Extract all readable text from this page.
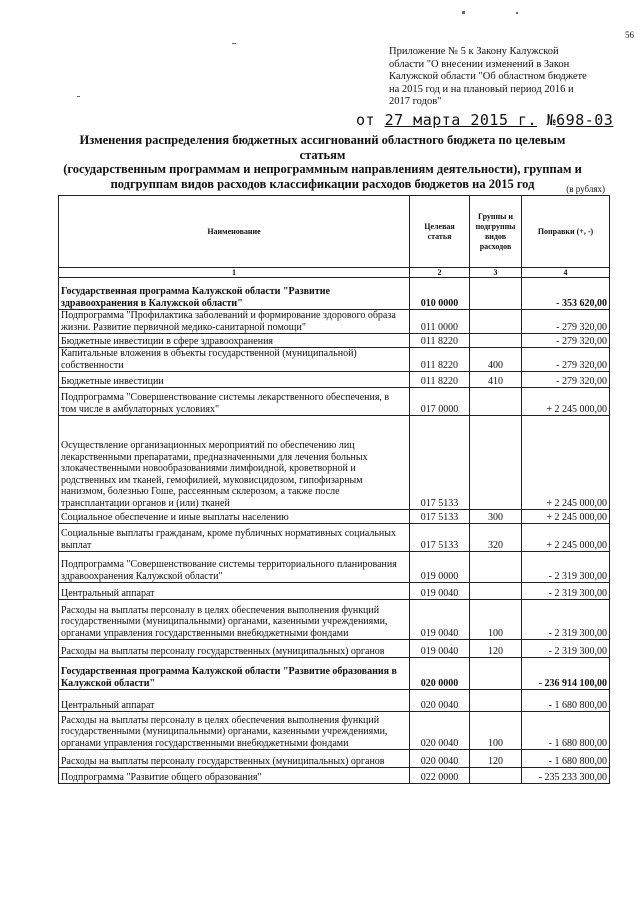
56
Приложение № 5 к Закону Калужской
области "О внесении изменений в Закон
Калужской области "Об областном бюджете
на 2015 год и на плановый период 2016 и
2017 годов"
от 27 марта 2015 г. №698-03
Изменения распределения бюджетных ассигнований областного бюджета по целевым статьям
(государственным программам и непрограммным направлениям деятельности), группам и
подгруппам видов расходов классификации расходов бюджетов на 2015 год	(в рублях)
Наименование	Целевая статья	Группы и подгруппы видов расходов	Поправки (+, -)
1	2	3	4
Государственная программа Калужской области "Развитие здравоохранения в Калужской области"	010 0000		- 353 620,00
Подпрограмма "Профилактика заболеваний и формирование здорового образа жизни. Развитие первичной медико-санитарной помощи"	011 0000		- 279 320,00
Бюджетные инвестиции в сфере здравоохранения	011 8220		- 279 320,00
Капитальные вложения в объекты государственной (муниципальной) собственности	011 8220	400	- 279 320,00
Бюджетные инвестиции	011 8220	410	- 279 320,00
Подпрограмма "Совершенствование системы лекарственного обеспечения, в том числе в амбулаторных условиях"	017 0000		+ 2 245 000,00
Осуществление организационных мероприятий по обеспечению лиц лекарственными препаратами, предназначенными для лечения больных злокачественными новообразованиями лимфоидной, кроветворной и родственных им тканей, гемофилией, муковисцидозом, гипофизарным нанизмом, болезнью Гоше, рассеянным склерозом, а также после трансплантации органов и (или) тканей	017 5133		+ 2 245 000,00
Социальное обеспечение и иные выплаты населению	017 5133	300	+ 2 245 000,00
Социальные выплаты гражданам, кроме публичных нормативных социальных выплат	017 5133	320	+ 2 245 000,00
Подпрограмма "Совершенствование системы территориального планирования здравоохранения Калужской области"	019 0000		- 2 319 300,00
Центральный аппарат	019 0040		- 2 319 300,00
Расходы на выплаты персоналу в целях обеспечения выполнения функций государственными (муниципальными) органами, казенными учреждениями, органами управления государственными внебюджетными фондами	019 0040	100	- 2 319 300,00
Расходы на выплаты персоналу государственных (муниципальных) органов	019 0040	120	- 2 319 300,00
Государственная программа Калужской области "Развитие образования в Калужской области"	020 0000		- 236 914 100,00
Центральный аппарат	020 0040		- 1 680 800,00
Расходы на выплаты персоналу в целях обеспечения выполнения функций государственными (муниципальными) органами, казенными учреждениями, органами управления государственными внебюджетными фондами	020 0040	100	- 1 680 800,00
Расходы на выплаты персоналу государственных (муниципальных) органов	020 0040	120	- 1 680 800,00
Подпрограмма "Развитие общего образования"	022 0000		- 235 233 300,00
